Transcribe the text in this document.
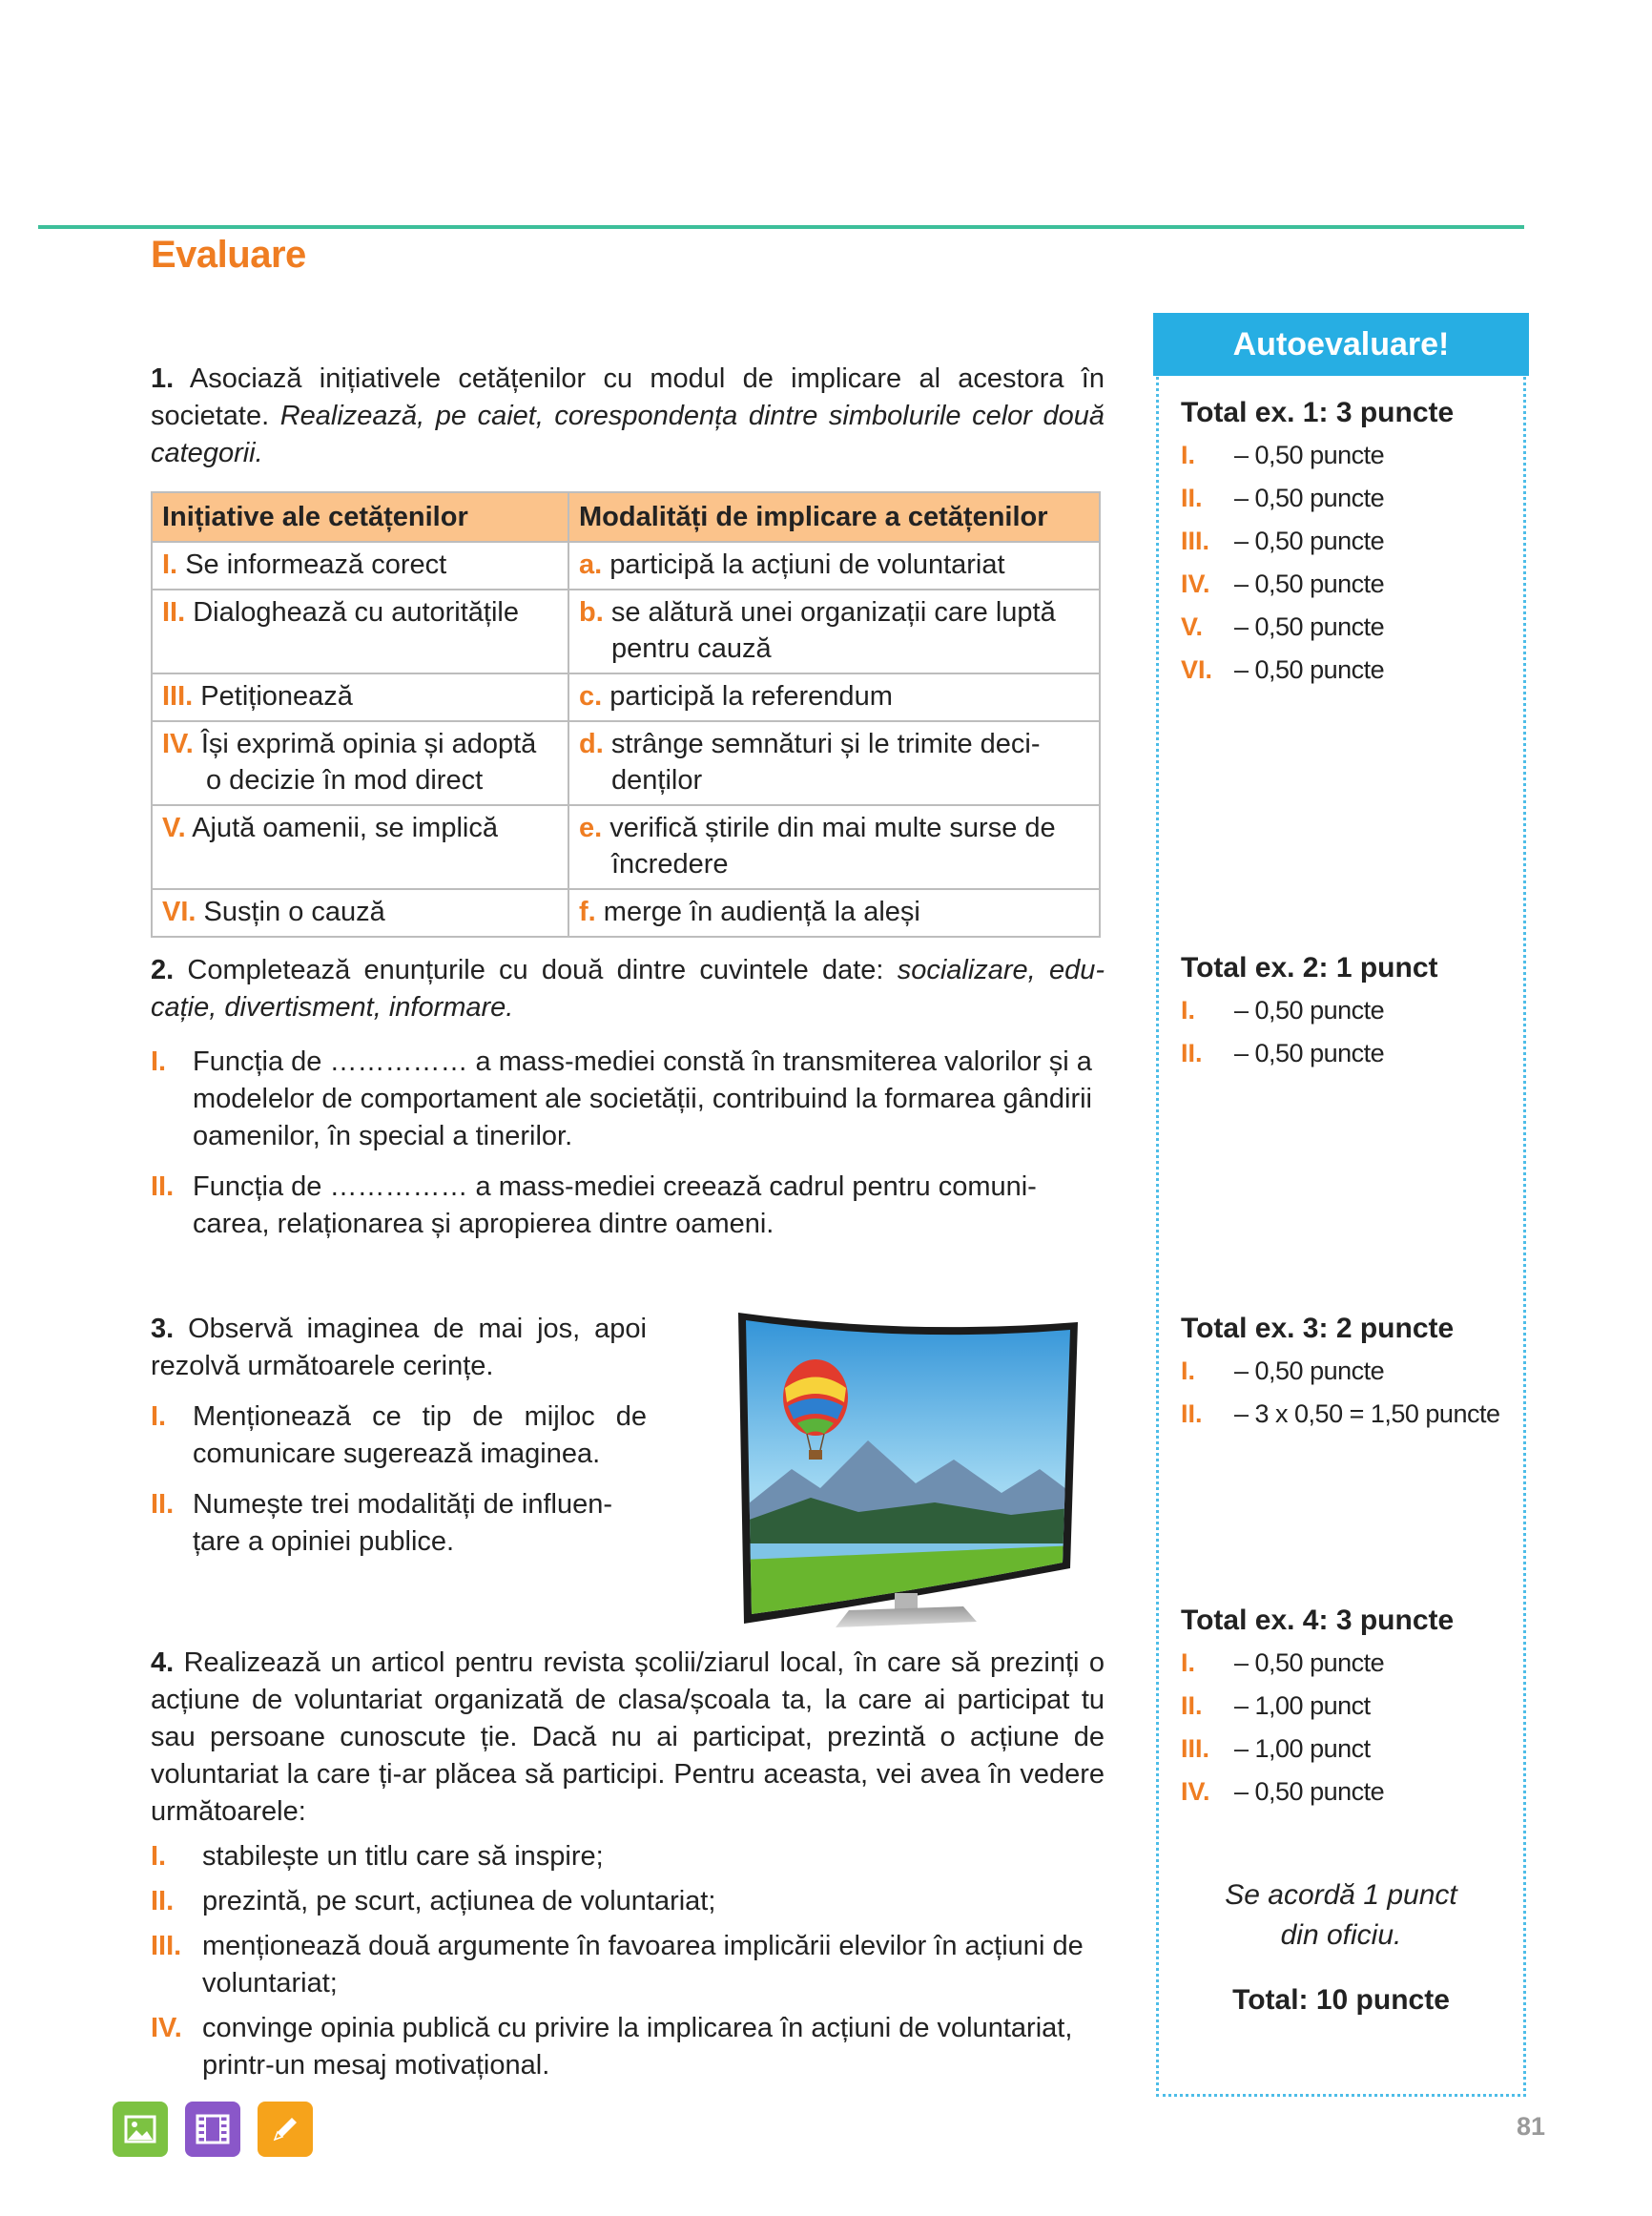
Evaluare

1. Asociază inițiativele cetățenilor cu modul de implicare al acestora în societate. Realizează, pe caiet, corespondența dintre simbolurile celor două categorii.

Inițiative ale cetățenilor	Modalități de implicare a cetățenilor

I. Se informează corect	a. participă la acțiuni de voluntariat

II. Dialoghează cu autoritățile	b. se alătură unei organizații care luptă pentru cauză

III. Petiționează	c. participă la referendum

IV. Își exprimă opinia și adoptă o decizie în mod direct	d. strânge semnături și le trimite deci-denților

V. Ajută oamenii, se implică	e. verifică știrile din mai multe surse de încredere

VI. Susțin o cauză	f. merge în audiență la aleși

2. Completează enunțurile cu două dintre cuvintele date: socializare, edu-cație, divertisment, informare.

I. Funcția de …………… a mass-mediei constă în transmiterea valorilor și a modelelor de comportament ale societății, contribuind la formarea gândirii oamenilor, în special a tinerilor.
II. Funcția de …………… a mass-mediei creează cadrul pentru comuni-carea, relaționarea și apropierea dintre oameni.

3. Observă imaginea de mai jos, apoi rezolvă următoarele cerințe.

I. Menționează ce tip de mijloc de comunicare sugerează imaginea.
II. Numește trei modalități de influen-țare a opiniei publice.

4. Realizează un articol pentru revista școlii/ziarul local, în care să prezinți o acțiune de voluntariat organizată de clasa/școala ta, la care ai participat tu sau persoane cunoscute ție. Dacă nu ai participat, prezintă o acțiune de voluntariat la care ți-ar plăcea să participi. Pentru aceasta, vei avea în vedere următoarele:

I.	stabilește un titlu care să inspire;
II.	prezintă, pe scurt, acțiunea de voluntariat;
III. menționează două argumente în favoarea implicării elevilor în acțiuni de voluntariat;
IV. convinge opinia publică cu privire la implicarea în acțiuni de voluntariat, printr-un mesaj motivațional.
Autoevaluare!
Total ex. 1: 3 puncte
I.	– 0,50 puncte
II.	– 0,50 puncte
III. – 0,50 puncte
IV. – 0,50 puncte
V.	– 0,50 puncte
VI. – 0,50 puncte
Total ex. 2: 1 punct
I.	– 0,50 puncte
II.	– 0,50 puncte
Total ex. 3: 2 puncte
I.	– 0,50 puncte
II.	– 3 x 0,50 = 1,50 puncte
Total ex. 4: 3 puncte
I.	– 0,50 puncte
II.	– 1,00 punct
III. – 1,00 punct
IV. – 0,50 puncte
Se acordă 1 punct
din oficiu.
Total: 10 puncte
81
